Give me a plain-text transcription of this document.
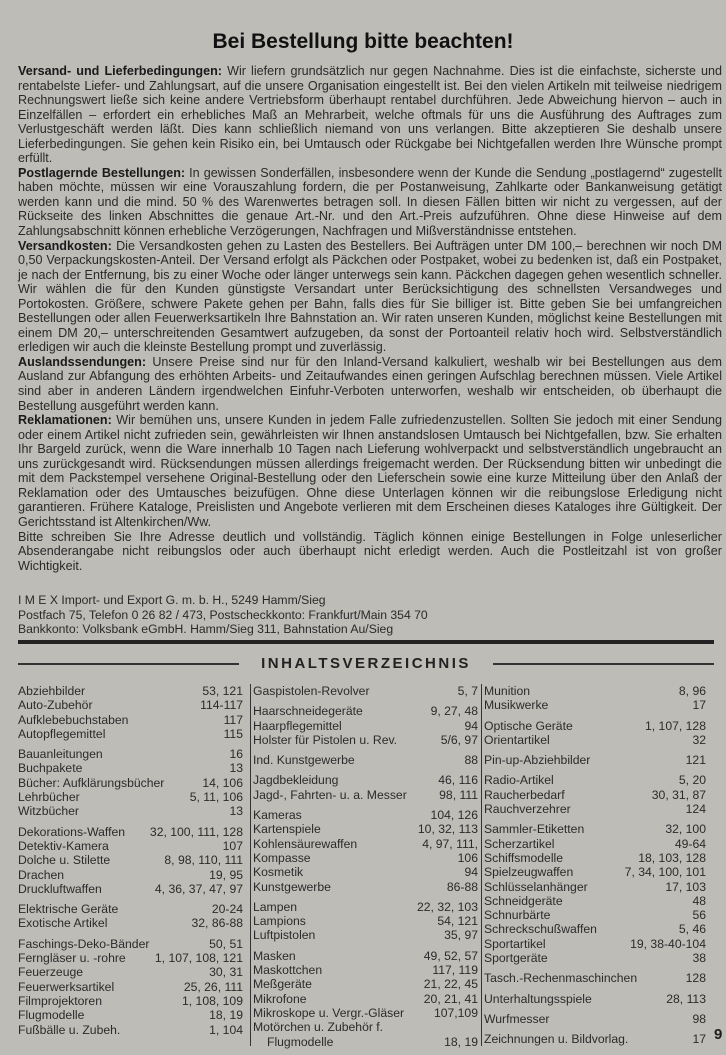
Bei Bestellung bitte beachten!

Versand- und Lieferbedingungen: Wir liefern grundsätzlich nur gegen Nachnahme. Dies ist die einfachste, sicherste und rentabelste Liefer- und Zahlungsart, auf die unsere Organisation eingestellt ist. Bei den vielen Artikeln mit teilweise niedrigem Rechnungswert ließe sich keine andere Vertriebsform überhaupt rentabel durchführen. Jede Abweichung hiervon – auch in Einzelfällen – erfordert ein erhebliches Maß an Mehrarbeit, welche oftmals für uns die Ausführung des Auftrages zum Verlustgeschäft werden läßt. Dies kann schließlich niemand von uns verlangen. Bitte akzeptieren Sie deshalb unsere Lieferbedingungen. Sie gehen kein Risiko ein, bei Umtausch oder Rückgabe bei Nichtgefallen werden Ihre Wünsche prompt erfüllt.

Postlagernde Bestellungen: In gewissen Sonderfällen, insbesondere wenn der Kunde die Sendung „postlagernd“ zugestellt haben möchte, müssen wir eine Vorauszahlung fordern, die per Postanweisung, Zahlkarte oder Bankanweisung getätigt werden kann und die mind. 50 % des Warenwertes betragen soll. In diesen Fällen bitten wir nicht zu vergessen, auf der Rückseite des linken Abschnittes die genaue Art.-Nr. und den Art.-Preis aufzuführen. Ohne diese Hinweise auf dem Zahlungsabschnitt können erhebliche Verzögerungen, Nachfragen und Mißverständnisse entstehen.

Versandkosten: Die Versandkosten gehen zu Lasten des Bestellers. Bei Aufträgen unter DM 100,– berechnen wir noch DM 0,50 Verpackungskosten-Anteil. Der Versand erfolgt als Päckchen oder Postpaket, wobei zu bedenken ist, daß ein Postpaket, je nach der Entfernung, bis zu einer Woche oder länger unterwegs sein kann. Päckchen dagegen gehen wesentlich schneller. Wir wählen die für den Kunden günstigste Versandart unter Berücksichtigung des schnellsten Versandweges und Portokosten. Größere, schwere Pakete gehen per Bahn, falls dies für Sie billiger ist. Bitte geben Sie bei umfangreichen Bestellungen oder allen Feuerwerksartikeln Ihre Bahnstation an. Wir raten unseren Kunden, möglichst keine Bestellungen mit einem DM 20,– unterschreitenden Gesamtwert aufzugeben, da sonst der Portoanteil relativ hoch wird. Selbstverständlich erledigen wir auch die kleinste Bestellung prompt und zuverlässig.

Auslandssendungen: Unsere Preise sind nur für den Inland-Versand kalkuliert, weshalb wir bei Bestellungen aus dem Ausland zur Abfangung des erhöhten Arbeits- und Zeitaufwandes einen geringen Aufschlag berechnen müssen. Viele Artikel sind aber in anderen Ländern irgendwelchen Einfuhr-Verboten unterworfen, weshalb wir entscheiden, ob überhaupt die Bestellung ausgeführt werden kann.

Reklamationen: Wir bemühen uns, unsere Kunden in jedem Falle zufriedenzustellen. Sollten Sie jedoch mit einer Sendung oder einem Artikel nicht zufrieden sein, gewährleisten wir Ihnen anstandslosen Umtausch bei Nichtgefallen, bzw. Sie erhalten Ihr Bargeld zurück, wenn die Ware innerhalb 10 Tagen nach Lieferung wohlverpackt und selbstverständlich ungebraucht an uns zurückgesandt wird. Rücksendungen müssen allerdings freigemacht werden. Der Rücksendung bitten wir unbedingt die mit dem Packstempel versehene Original-Bestellung oder den Lieferschein sowie eine kurze Mitteilung über den Anlaß der Reklamation oder des Umtausches beizufügen. Ohne diese Unterlagen können wir die reibungslose Erledigung nicht garantieren. Frühere Kataloge, Preislisten und Angebote verlieren mit dem Erscheinen dieses Kataloges ihre Gültigkeit. Der Gerichtsstand ist Altenkirchen/Ww.

Bitte schreiben Sie Ihre Adresse deutlich und vollständig. Täglich können einige Bestellungen in Folge unleserlicher Absenderangabe nicht reibungslos oder auch überhaupt nicht erledigt werden. Auch die Postleitzahl ist von großer Wichtigkeit.

I M E X Import- und Export G. m. b. H., 5249 Hamm/Sieg
Postfach 75, Telefon 0 26 82 / 473, Postscheckkonto: Frankfurt/Main 354 70
Bankkonto: Volksbank eGmbH. Hamm/Sieg 311, Bahnstation Au/Sieg
INHALTSVERZEICHNIS
Abziehbilder	53, 121
Auto-Zubehör	114-117
Aufklebebuchstaben	117
Autopflegemittel	115
Bauanleitungen	16
Buchpakete	13
Bücher: Aufklärungsbücher	14, 106
Lehrbücher	5, 11, 106
Witzbücher	13
Dekorations-Waffen	32, 100, 111, 128
Detektiv-Kamera	107
Dolche u. Stilette	8, 98, 110, 111
Drachen	19, 95
Druckluftwaffen	4, 36, 37, 47, 97
Elektrische Geräte	20-24
Exotische Artikel	32, 86-88
Faschings-Deko-Bänder	50, 51
Ferngläser u. -rohre	1, 107, 108, 121
Feuerzeuge	30, 31
Feuerwerksartikel	25, 26, 111
Filmprojektoren	1, 108, 109
Flugmodelle	18, 19
Fußbälle u. Zubeh.	1, 104
Gaspistolen-Revolver	5, 7
Haarschneidegeräte	9, 27, 48
Haarpflegemittel	94
Holster für Pistolen u. Rev.	5/6, 97
Ind. Kunstgewerbe	88
Jagdbekleidung	46, 116
Jagd-, Fahrten- u. a. Messer	98, 111
Kameras	104, 126
Kartenspiele	10, 32, 113
Kohlensäurewaffen	4, 97, 111,
Kompasse	106
Kosmetik	94
Kunstgewerbe	86-88
Lampen	22, 32, 103
Lampions	54, 121
Luftpistolen	35, 97
Masken	49, 52, 57
Maskottchen	117, 119
Meßgeräte	21, 22, 45
Mikrofone	20, 21, 41
Mikroskope u. Vergr.-Gläser	107,109
Motörchen u. Zubehör f.
Flugmodelle	18, 19
Munition	8, 96
Musikwerke	17
Optische Geräte	1, 107, 128
Orientartikel	32
Pin-up-Abziehbilder	121
Radio-Artikel	5, 20
Raucherbedarf	30, 31, 87
Rauchverzehrer	124
Sammler-Etiketten	32, 100
Scherzartikel	49-64
Schiffsmodelle	18, 103, 128
Spielzeugwaffen	7, 34, 100, 101
Schlüsselanhänger	17, 103
Schneidgeräte	48
Schnurbärte	56
Schreckschußwaffen	5, 46
Sportartikel	19, 38-40-104
Sportgeräte	38
Tasch.-Rechenmaschinchen	128
Unterhaltungsspiele	28, 113
Wurfmesser	98
Zeichnungen u. Bildvorlag.	17 9
